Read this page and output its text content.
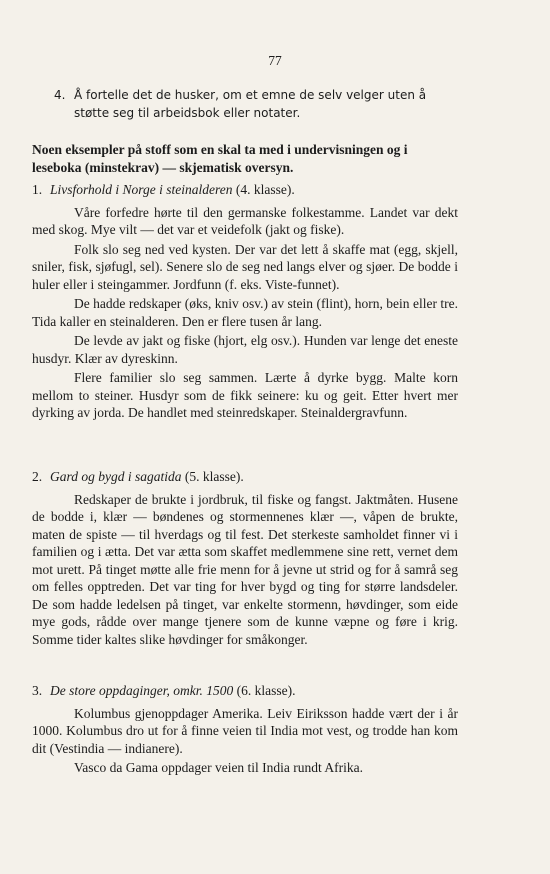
77
4. Å fortelle det de husker, om et emne de selv velger uten å støtte seg til arbeidsbok eller notater.
Noen eksempler på stoff som en skal ta med i undervisningen og i leseboka (minstekrav) — skjematisk oversyn.
1. Livsforhold i Norge i steinalderen (4. klasse).

Våre forfedre hørte til den germanske folkestamme. Landet var dekt med skog. Mye vilt — det var et veidefolk (jakt og fiske).

Folk slo seg ned ved kysten. Der var det lett å skaffe mat (egg, skjell, sniler, fisk, sjøfugl, sel). Senere slo de seg ned langs elver og sjøer. De bodde i huler eller i steingammer. Jordfunn (f. eks. Viste-funnet).

De hadde redskaper (øks, kniv osv.) av stein (flint), horn, bein eller tre. Tida kaller en steinalderen. Den er flere tusen år lang.

De levde av jakt og fiske (hjort, elg osv.). Hunden var lenge det eneste husdyr. Klær av dyreskinn.

Flere familier slo seg sammen. Lærte å dyrke bygg. Malte korn mellom to steiner. Husdyr som de fikk seinere: ku og geit. Etter hvert mer dyrking av jorda. De handlet med steinredskaper. Steinaldergravfunn.

2. Gard og bygd i sagatida (5. klasse).

Redskaper de brukte i jordbruk, til fiske og fangst. Jaktmåten. Husene de bodde i, klær — bøndenes og stormennenes klær —, våpen de brukte, maten de spiste — til hverdags og til fest. Det sterkeste samholdet finner vi i familien og i ætta. Det var ætta som skaffet medlemmene sine rett, vernet dem mot urett. På tinget møtte alle frie menn for å jevne ut strid og for å samrå seg om felles opptreden. Det var ting for hver bygd og ting for større landsdeler. De som hadde ledelsen på tinget, var enkelte stormenn, høvdinger, som eide mye gods, rådde over mange tjenere som de kunne væpne og føre i krig. Somme tider kaltes slike høvdinger for småkonger.

3. De store oppdaginger, omkr. 1500 (6. klasse).

Kolumbus gjenoppdager Amerika. Leiv Eiriksson hadde vært der i år 1000. Kolumbus dro ut for å finne veien til India mot vest, og trodde han kom dit (Vestindia — indianere).

Vasco da Gama oppdager veien til India rundt Afrika.
